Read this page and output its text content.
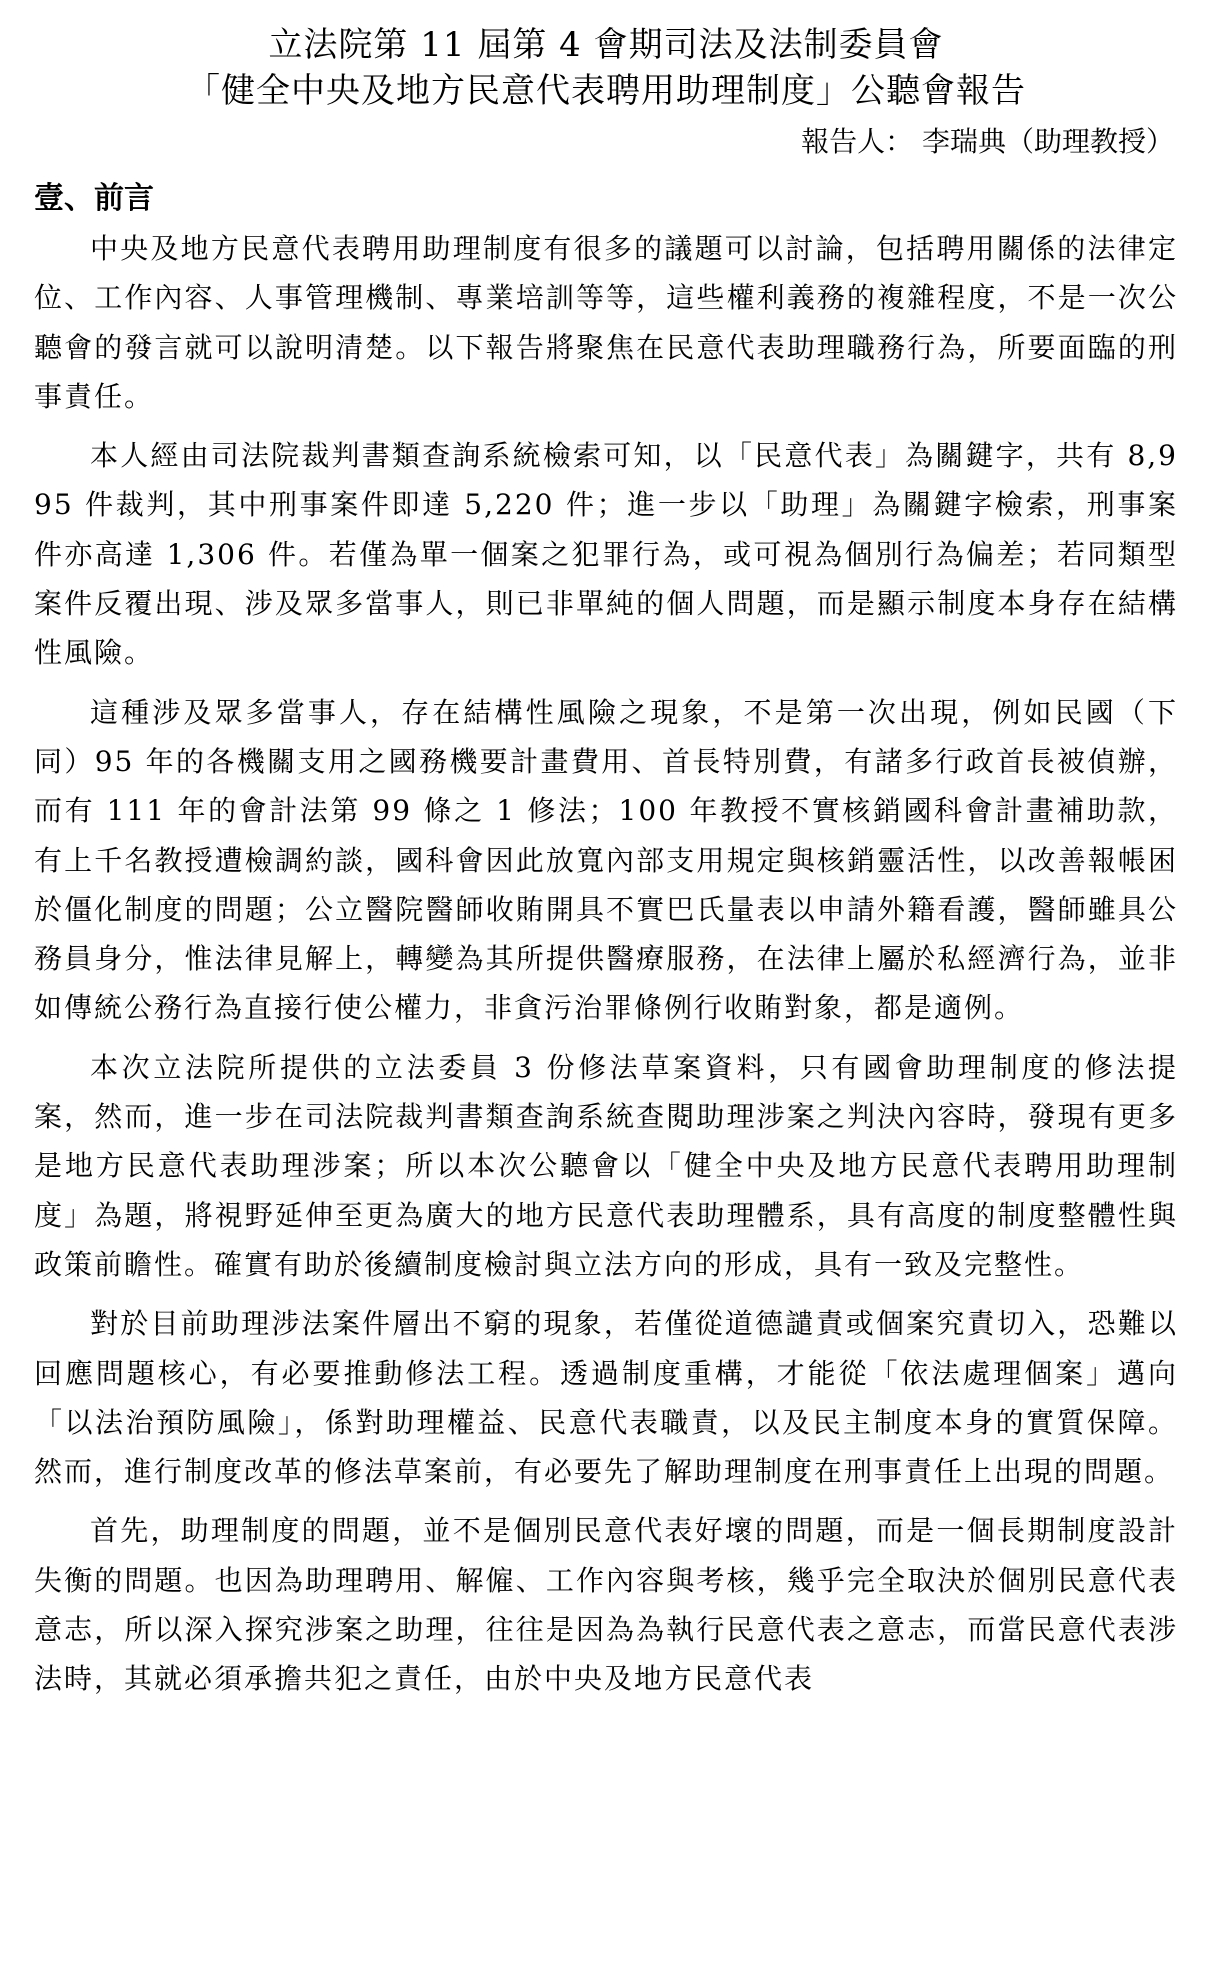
立法院第 11 屆第 4 會期司法及法制委員會
「健全中央及地方民意代表聘用助理制度」公聽會報告

報告人： 李瑞典（助理教授）

壹、前言

中央及地方民意代表聘用助理制度有很多的議題可以討論，包括聘用關係的法律定位、工作內容、人事管理機制、專業培訓等等，這些權利義務的複雜程度，不是一次公聽會的發言就可以說明清楚。以下報告將聚焦在民意代表助理職務行為，所要面臨的刑事責任。

本人經由司法院裁判書類查詢系統檢索可知，以「民意代表」為關鍵字，共有 8,995 件裁判，其中刑事案件即達 5,220 件；進一步以「助理」為關鍵字檢索，刑事案件亦高達 1,306 件。若僅為單一個案之犯罪行為，或可視為個別行為偏差；若同類型案件反覆出現、涉及眾多當事人，則已非單純的個人問題，而是顯示制度本身存在結構性風險。

這種涉及眾多當事人，存在結構性風險之現象，不是第一次出現，例如民國（下同）95 年的各機關支用之國務機要計畫費用、首長特別費，有諸多行政首長被偵辦，而有 111 年的會計法第 99 條之 1 修法；100 年教授不實核銷國科會計畫補助款，有上千名教授遭檢調約談，國科會因此放寬內部支用規定與核銷靈活性，以改善報帳困於僵化制度的問題；公立醫院醫師收賄開具不實巴氏量表以申請外籍看護，醫師雖具公務員身分，惟法律見解上，轉變為其所提供醫療服務，在法律上屬於私經濟行為，並非如傳統公務行為直接行使公權力，非貪污治罪條例行收賄對象，都是適例。

本次立法院所提供的立法委員 3 份修法草案資料，只有國會助理制度的修法提案，然而，進一步在司法院裁判書類查詢系統查閱助理涉案之判決內容時，發現有更多是地方民意代表助理涉案；所以本次公聽會以「健全中央及地方民意代表聘用助理制度」為題，將視野延伸至更為廣大的地方民意代表助理體系，具有高度的制度整體性與政策前瞻性。確實有助於後續制度檢討與立法方向的形成，具有一致及完整性。

對於目前助理涉法案件層出不窮的現象，若僅從道德譴責或個案究責切入，恐難以回應問題核心，有必要推動修法工程。透過制度重構，才能從「依法處理個案」邁向「以法治預防風險」，係對助理權益、民意代表職責，以及民主制度本身的實質保障。然而，進行制度改革的修法草案前，有必要先了解助理制度在刑事責任上出現的問題。

首先，助理制度的問題，並不是個別民意代表好壞的問題，而是一個長期制度設計失衡的問題。也因為助理聘用、解僱、工作內容與考核，幾乎完全取決於個別民意代表意志，所以深入探究涉案之助理，往往是因為為執行民意代表之意志，而當民意代表涉法時，其就必須承擔共犯之責任，由於中央及地方民意代表
